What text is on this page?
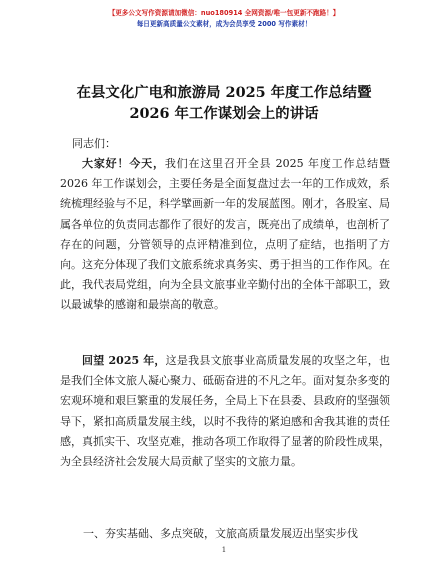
【更多公文写作资源请加微信：nuo180914 全网资源/唯一包更新不跑路！】
每日更新高质量公文素材，成为会员享受 2000 写作素材！
在县文化广电和旅游局 2025 年度工作总结暨
2026 年工作谋划会上的讲话
同志们：
大家好！今天，我们在这里召开全县 2025 年度工作总结暨 2026 年工作谋划会，主要任务是全面复盘过去一年的工作成效，系统梳理经验与不足，科学擘画新一年的发展蓝图。刚才，各股室、局属各单位的负责同志都作了很好的发言，既亮出了成绩单，也剖析了存在的问题，分管领导的点评精准到位，点明了症结，也指明了方向。这充分体现了我们文旅系统求真务实、勇于担当的工作作风。在此，我代表局党组，向为全县文旅事业辛勤付出的全体干部职工，致以最诚挚的感谢和最崇高的敬意。
回望 2025 年，这是我县文旅事业高质量发展的攻坚之年，也是我们全体文旅人凝心聚力、砥砺奋进的不凡之年。面对复杂多变的宏观环境和艰巨繁重的发展任务，全局上下在县委、县政府的坚强领导下，紧扣高质量发展主线，以时不我待的紧迫感和舍我其谁的责任感，真抓实干、攻坚克难，推动各项工作取得了显著的阶段性成果，为全县经济社会发展大局贡献了坚实的文旅力量。
一、夯实基础、多点突破，文旅高质量发展迈出坚实步伐
1
